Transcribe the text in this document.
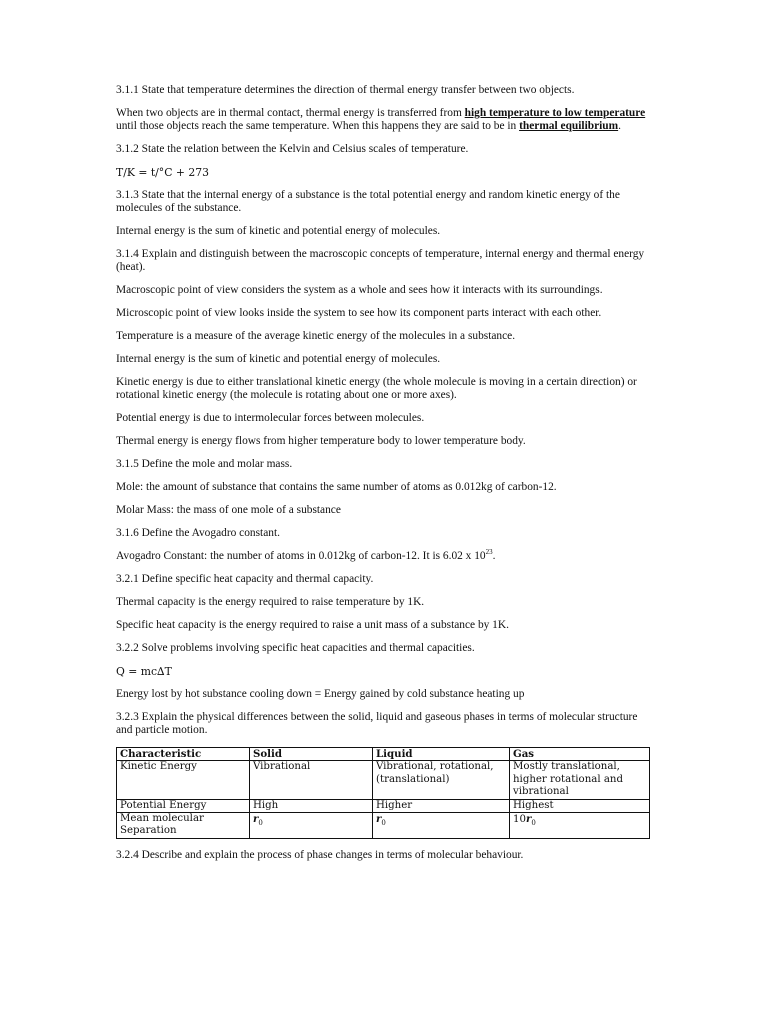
3.1.1 State that temperature determines the direction of thermal energy transfer between two objects.

When two objects are in thermal contact, thermal energy is transferred from high temperature to low temperature until those objects reach the same temperature. When this happens they are said to be in thermal equilibrium.

3.1.2 State the relation between the Kelvin and Celsius scales of temperature.

T/K = t/°C + 273

3.1.3 State that the internal energy of a substance is the total potential energy and random kinetic energy of the molecules of the substance.

Internal energy is the sum of kinetic and potential energy of molecules.

3.1.4 Explain and distinguish between the macroscopic concepts of temperature, internal energy and thermal energy (heat).

Macroscopic point of view considers the system as a whole and sees how it interacts with its surroundings.

Microscopic point of view looks inside the system to see how its component parts interact with each other.

Temperature is a measure of the average kinetic energy of the molecules in a substance.

Internal energy is the sum of kinetic and potential energy of molecules.

Kinetic energy is due to either translational kinetic energy (the whole molecule is moving in a certain direction) or rotational kinetic energy (the molecule is rotating about one or more axes).

Potential energy is due to intermolecular forces between molecules.

Thermal energy is energy flows from higher temperature body to lower temperature body.

3.1.5 Define the mole and molar mass.

Mole: the amount of substance that contains the same number of atoms as 0.012kg of carbon-12.

Molar Mass: the mass of one mole of a substance

3.1.6 Define the Avogadro constant.

Avogadro Constant: the number of atoms in 0.012kg of carbon-12. It is 6.02 x $10^{23}$.

3.2.1 Define specific heat capacity and thermal capacity.

Thermal capacity is the energy required to raise temperature by 1K.

Specific heat capacity is the energy required to raise a unit mass of a substance by 1K.

3.2.2 Solve problems involving specific heat capacities and thermal capacities.

Q = mc∆T

Energy lost by hot substance cooling down = Energy gained by cold substance heating up

3.2.3 Explain the physical differences between the solid, liquid and gaseous phases in terms of molecular structure and particle motion.

Characteristic	Solid	Liquid	Gas
Kinetic Energy	Vibrational	Vibrational, rotational, (translational)	Mostly translational, higher rotational and vibrational
Potential Energy	High	Higher	Highest
Mean molecular Separation	$r_0$	$r_0$	$10r_0$

3.2.4 Describe and explain the process of phase changes in terms of molecular behaviour.
